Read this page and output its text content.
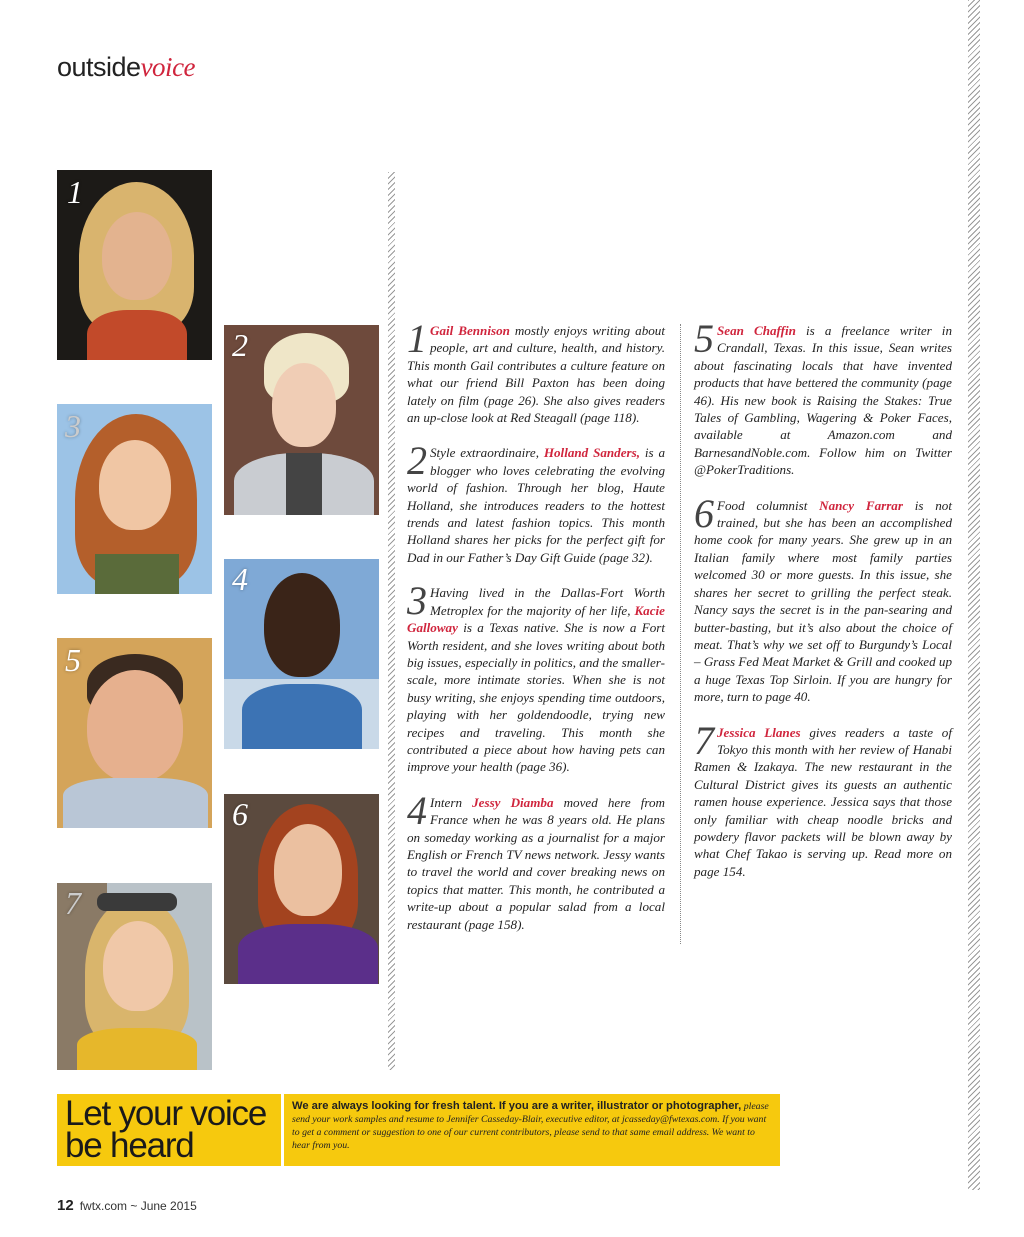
outsidevoice
1
2
3
4
5
6
7

1 Gail Bennison mostly enjoys writing about people, art and culture, health, and history. This month Gail contributes a culture feature on what our friend Bill Paxton has been doing lately on film (page 26). She also gives readers an up-close look at Red Steagall (page 118).

2 Style extraordinaire, Holland Sanders, is a blogger who loves celebrating the evolving world of fashion. Through her blog, Haute Holland, she introduces readers to the hottest trends and latest fashion topics. This month Holland shares her picks for the perfect gift for Dad in our Father’s Day Gift Guide (page 32).

3 Having lived in the Dallas-Fort Worth Metroplex for the majority of her life, Kacie Galloway is a Texas native. She is now a Fort Worth resident, and she loves writing about both big issues, especially in politics, and the smaller-scale, more intimate stories. When she is not busy writing, she enjoys spending time outdoors, playing with her goldendoodle, trying new recipes and traveling. This month she contributed a piece about how having pets can improve your health (page 36).

4 Intern Jessy Diamba moved here from France when he was 8 years old. He plans on someday working as a journalist for a major English or French TV news network. Jessy wants to travel the world and cover breaking news on topics that matter. This month, he contributed a write-up about a popular salad from a local restaurant (page 158).

5 Sean Chaffin is a freelance writer in Crandall, Texas. In this issue, Sean writes about fascinating locals that have invented products that have bettered the community (page 46). His new book is Raising the Stakes: True Tales of Gambling, Wagering & Poker Faces, available at Amazon.com and BarnesandNoble.com. Follow him on Twitter @PokerTraditions.

6 Food columnist Nancy Farrar is not trained, but she has been an accomplished home cook for many years. She grew up in an Italian family where most family parties welcomed 30 or more guests. In this issue, she shares her secret to grilling the perfect steak. Nancy says the secret is in the pan-searing and butter-basting, but it’s also about the choice of meat. That’s why we set off to Burgundy’s Local – Grass Fed Meat Market & Grill and cooked up a huge Texas Top Sirloin. If you are hungry for more, turn to page 40.

7 Jessica Llanes gives readers a taste of Tokyo this month with her review of Hanabi Ramen & Izakaya. The new restaurant in the Cultural District gives its guests an authentic ramen house experience. Jessica says that those only familiar with cheap noodle bricks and powdery flavor packets will be blown away by what Chef Takao is serving up. Read more on page 154.

Let your voice be heard
We are always looking for fresh talent. If you are a writer, illustrator or photographer, please send your work samples and resume to Jennifer Casseday-Blair, executive editor, at jcasseday@fwtexas.com. If you want to get a comment or suggestion to one of our current contributors, please send to that same email address. We want to hear from you.
12 fwtx.com ~ June 2015
